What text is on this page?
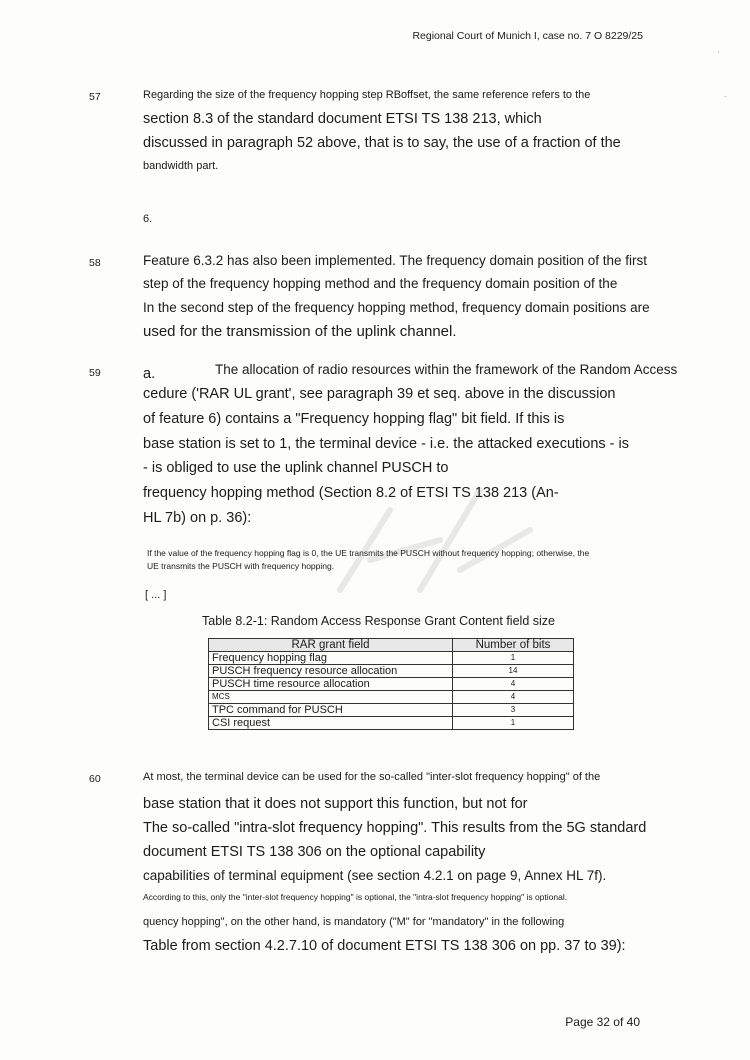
Regional Court of Munich I, case no. 7 O 8229/25

57	Regarding the size of the frequency hopping step RBoffset, the same reference refers to the

section 8.3 of the standard document ETSI TS 138 213, which

discussed in paragraph 52 above, that is to say, the use of a fraction of the

bandwidth part.

6.

58	Feature 6.3.2 has also been implemented. The frequency domain position of the first

step of the frequency hopping method and the frequency domain position of the

In the second step of the frequency hopping method, frequency domain positions are

used for the transmission of the uplink channel.

59	a.	The allocation of radio resources within the framework of the Random Access

cedure ('RAR UL grant', see paragraph 39 et seq. above in the discussion

of feature 6) contains a "Frequency hopping flag" bit field. If this is

base station is set to 1, the terminal device - i.e. the attacked executions - is

- is obliged to use the uplink channel PUSCH to

frequency hopping method (Section 8.2 of ETSI TS 138 213 (An-

HL 7b) on p. 36):

If the value of the frequency hopping flag is 0, the UE transmits the PUSCH without frequency hopping; otherwise, the

UE transmits the PUSCH with frequency hopping.

[ ... ]

Table 8.2-1: Random Access Response Grant Content field size

RAR grant field	Number of bits
Frequency hopping flag	1
PUSCH frequency resource allocation	14
PUSCH time resource allocation	4
MCS	4
TPC command for PUSCH	3
CSI request	1

60	At most, the terminal device can be used for the so-called "inter-slot frequency hopping" of the

base station that it does not support this function, but not for

The so-called "intra-slot frequency hopping". This results from the 5G standard

document ETSI TS 138 306 on the optional capability

capabilities of terminal equipment (see section 4.2.1 on page 9, Annex HL 7f).

According to this, only the "inter-slot frequency hopping" is optional, the "intra-slot frequency hopping" is optional.

quency hopping", on the other hand, is mandatory ("M" for "mandatory" in the following

Table from section 4.2.7.10 of document ETSI TS 138 306 on pp. 37 to 39):

Page 32 of 40

'
-
